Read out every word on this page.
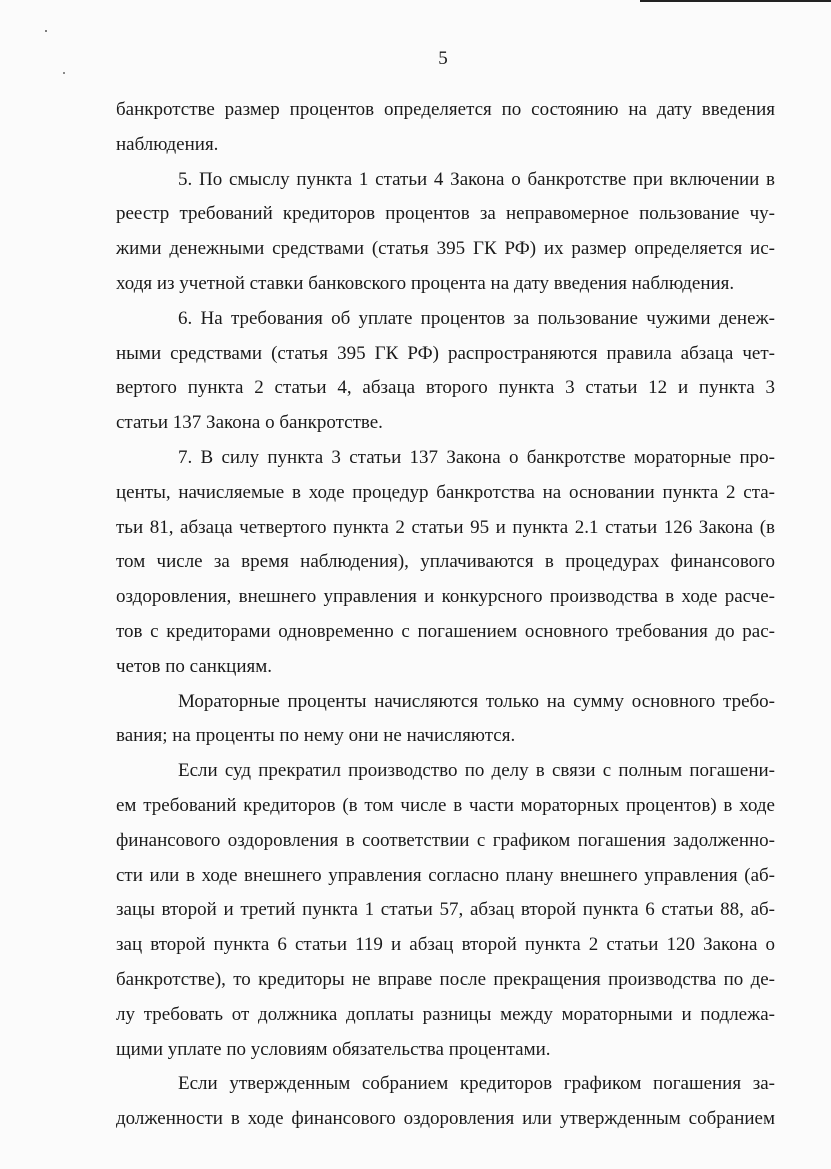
5
банкротстве размер процентов определяется по состоянию на дату введения
наблюдения.
5. По смыслу пункта 1 статьи 4 Закона о банкротстве при включении в
реестр требований кредиторов процентов за неправомерное пользование чу-
жими денежными средствами (статья 395 ГК РФ) их размер определяется ис-
ходя из учетной ставки банковского процента на дату введения наблюдения.
6. На требования об уплате процентов за пользование чужими денеж-
ными средствами (статья 395 ГК РФ) распространяются правила абзаца чет-
вертого пункта 2 статьи 4, абзаца второго пункта 3 статьи 12 и пункта 3
статьи 137 Закона о банкротстве.
7. В силу пункта 3 статьи 137 Закона о банкротстве мораторные про-
центы, начисляемые в ходе процедур банкротства на основании пункта 2 ста-
тьи 81, абзаца четвертого пункта 2 статьи 95 и пункта 2.1 статьи 126 Закона (в
том числе за время наблюдения), уплачиваются в процедурах финансового
оздоровления, внешнего управления и конкурсного производства в ходе расче-
тов с кредиторами одновременно с погашением основного требования до рас-
четов по санкциям.
Мораторные проценты начисляются только на сумму основного требо-
вания; на проценты по нему они не начисляются.
Если суд прекратил производство по делу в связи с полным погашени-
ем требований кредиторов (в том числе в части мораторных процентов) в ходе
финансового оздоровления в соответствии с графиком погашения задолженно-
сти или в ходе внешнего управления согласно плану внешнего управления (аб-
зацы второй и третий пункта 1 статьи 57, абзац второй пункта 6 статьи 88, аб-
зац второй пункта 6 статьи 119 и абзац второй пункта 2 статьи 120 Закона о
банкротстве), то кредиторы не вправе после прекращения производства по де-
лу требовать от должника доплаты разницы между мораторными и подлежа-
щими уплате по условиям обязательства процентами.
Если утвержденным собранием кредиторов графиком погашения за-
долженности в ходе финансового оздоровления или утвержденным собранием
